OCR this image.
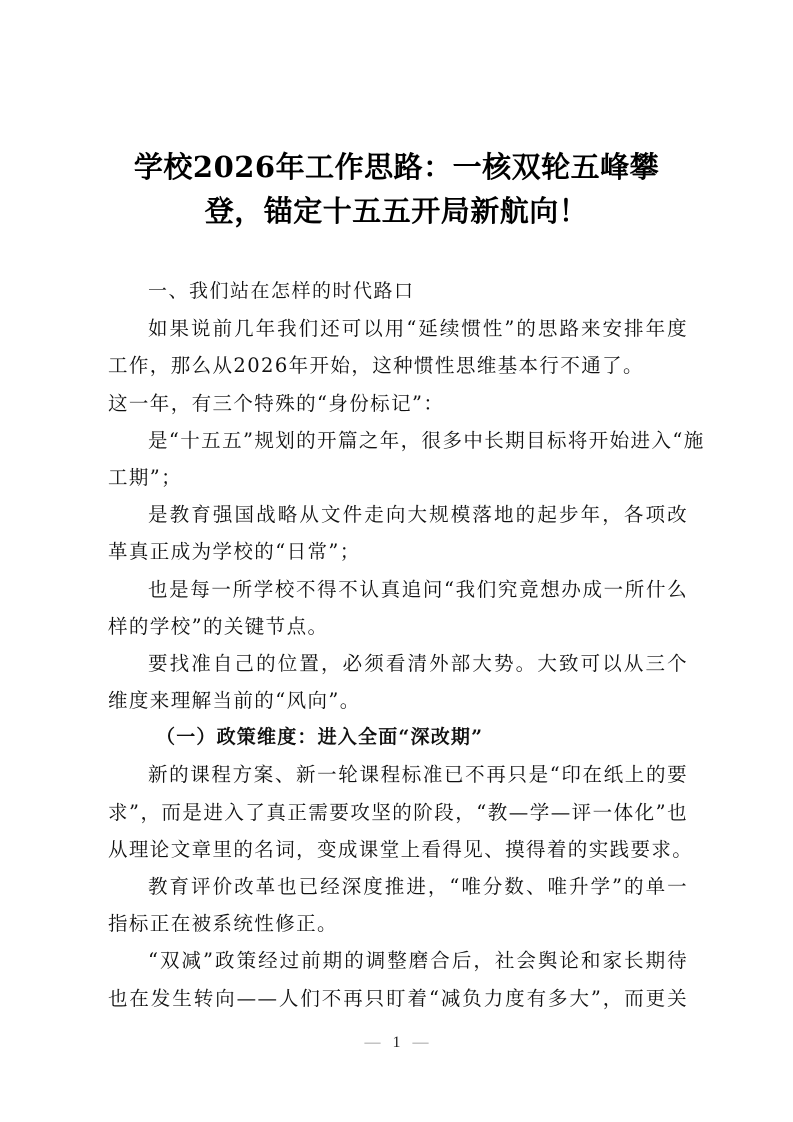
学校2026年工作思路：一核双轮五峰攀
登，锚定十五五开局新航向！
一、我们站在怎样的时代路口
如果说前几年我们还可以用“延续惯性”的思路来安排年度
工作，那么从2026年开始，这种惯性思维基本行不通了。
这一年，有三个特殊的“身份标记”：
是“十五五”规划的开篇之年，很多中长期目标将开始进入“施
工期”；
是教育强国战略从文件走向大规模落地的起步年，各项改
革真正成为学校的“日常”；
也是每一所学校不得不认真追问“我们究竟想办成一所什么
样的学校”的关键节点。
要找准自己的位置，必须看清外部大势。大致可以从三个
维度来理解当前的“风向”。
（一）政策维度：进入全面“深改期”
新的课程方案、新一轮课程标准已不再只是“印在纸上的要
求”，而是进入了真正需要攻坚的阶段，“教—学—评一体化”也
从理论文章里的名词，变成课堂上看得见、摸得着的实践要求。
教育评价改革也已经深度推进，“唯分数、唯升学”的单一
指标正在被系统性修正。
“双减”政策经过前期的调整磨合后，社会舆论和家长期待
也在发生转向——人们不再只盯着“减负力度有多大”，而更关
— 1 —
